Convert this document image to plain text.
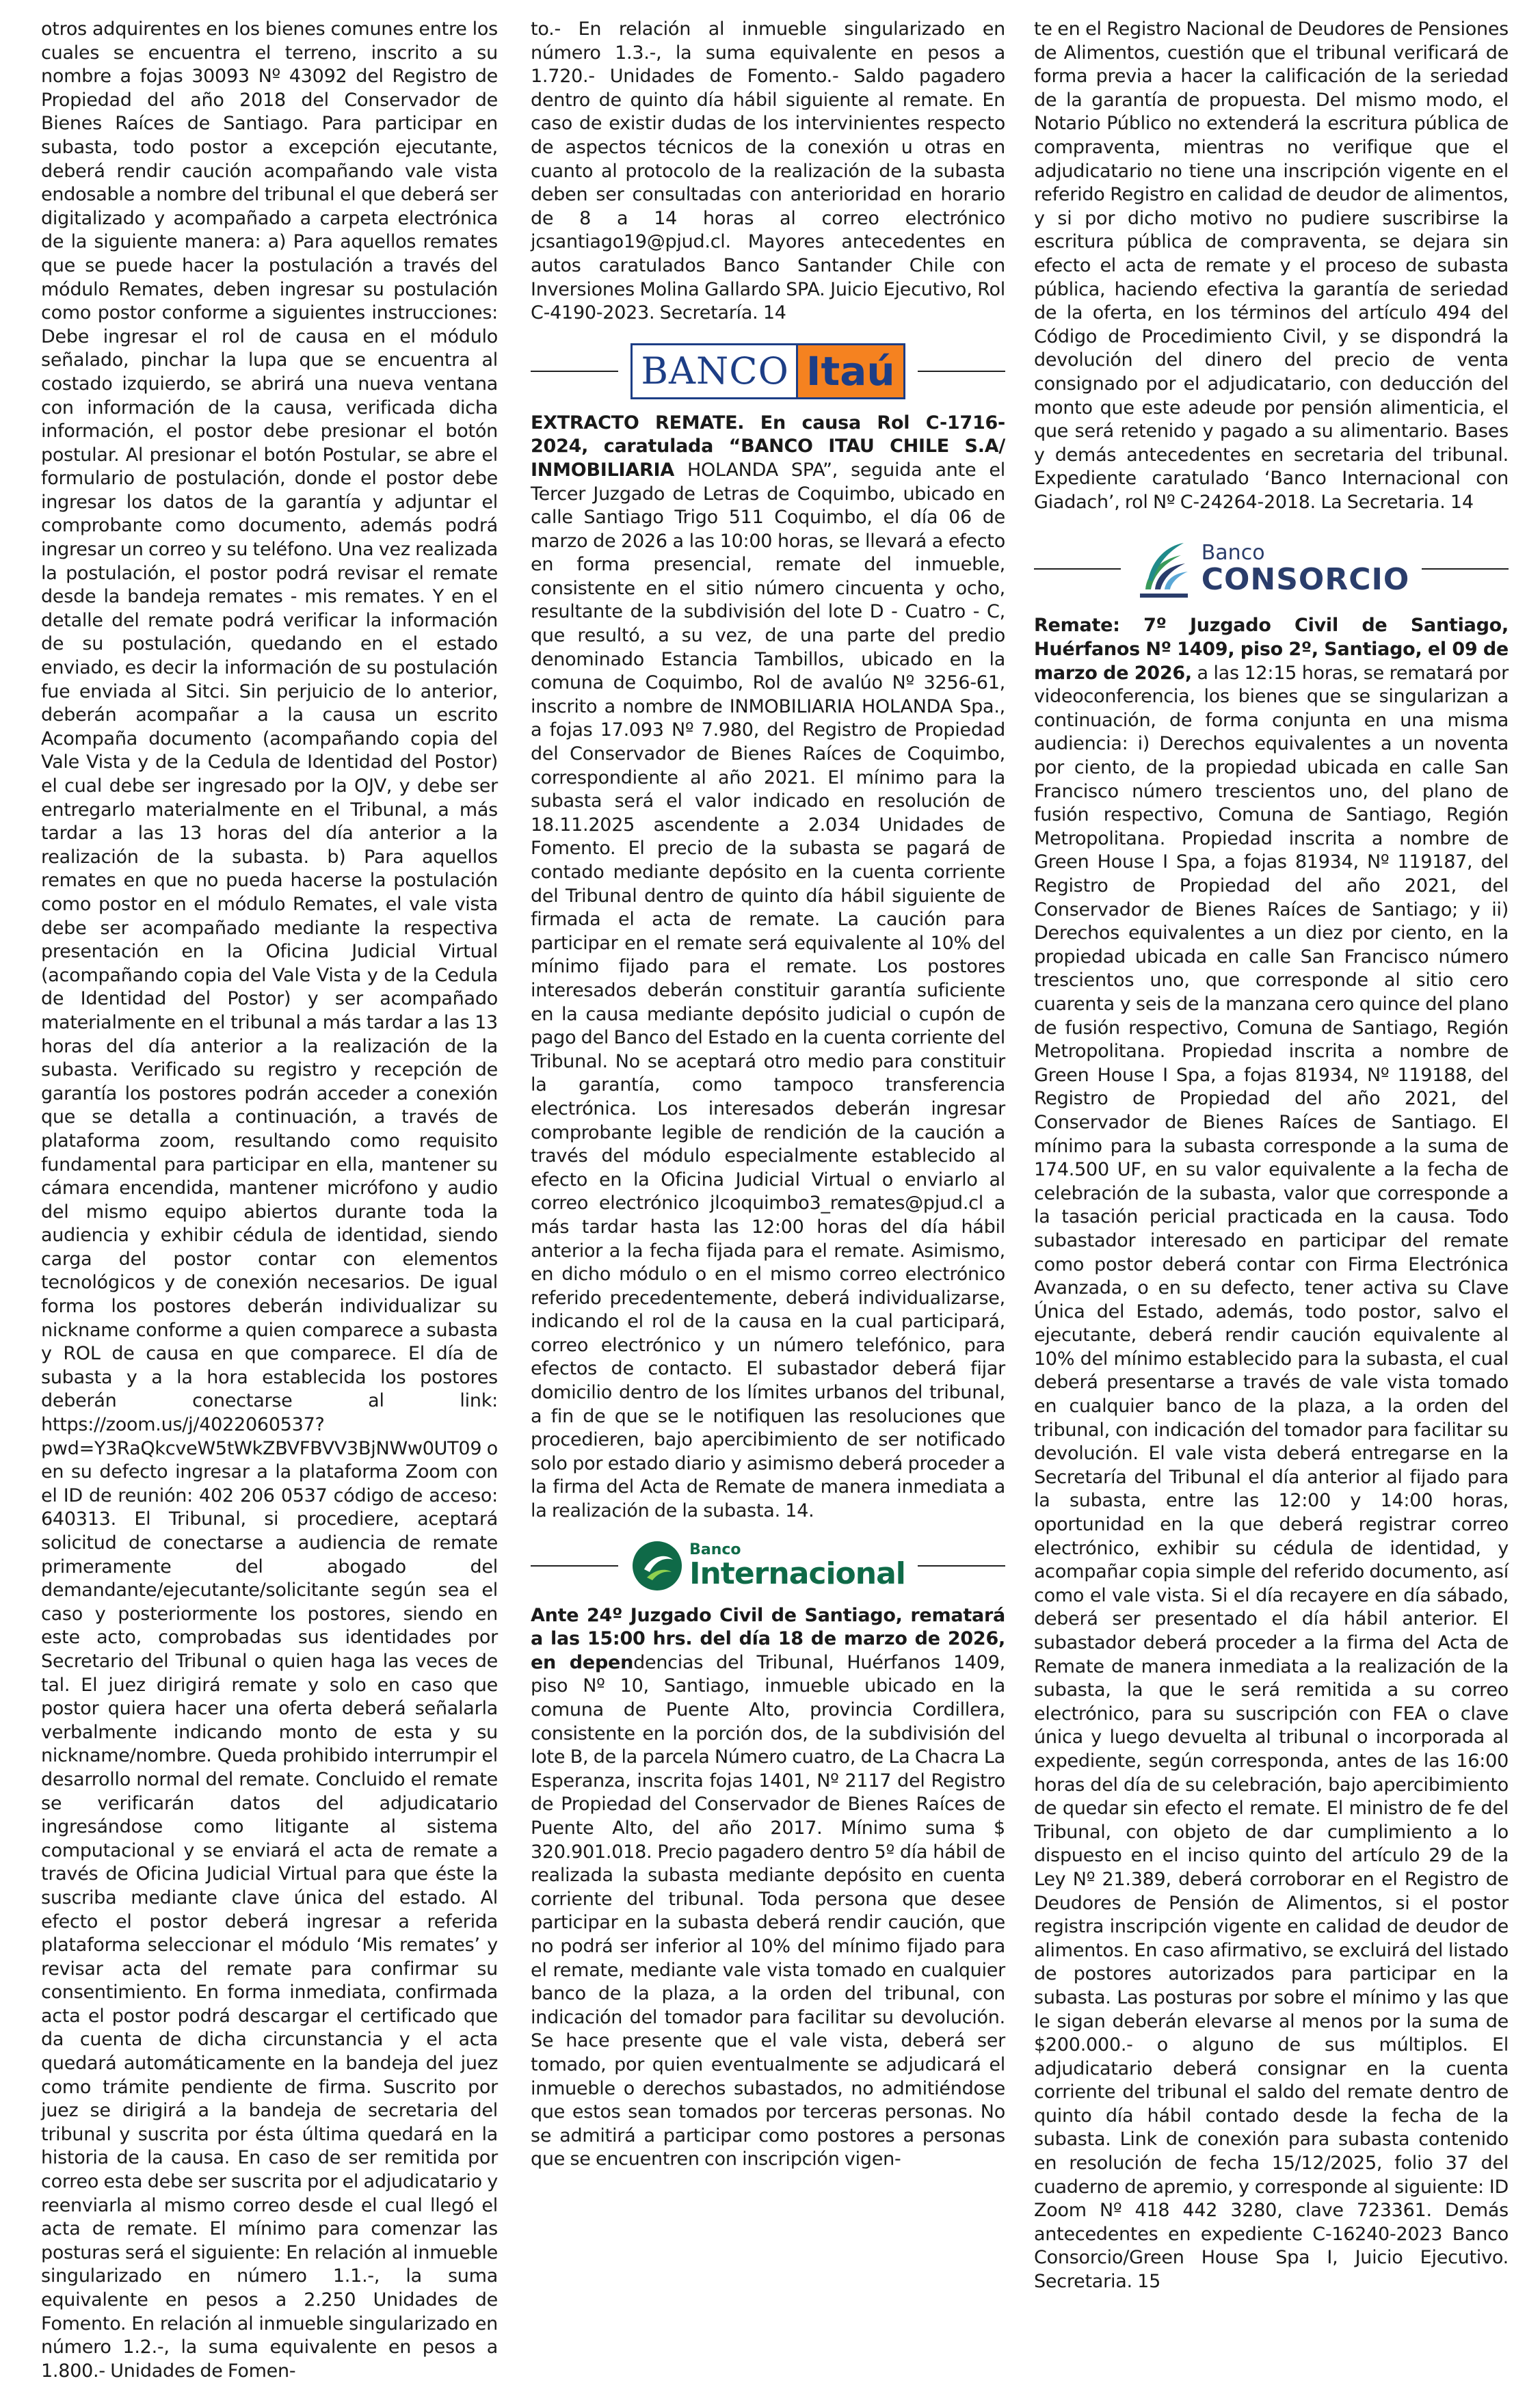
otros adquirentes en los bienes comunes entre los cuales se encuentra el terreno, inscrito a su nombre a fojas 30093 Nº 43092 del Registro de Propiedad del año 2018 del Conservador de Bienes Raíces de Santiago. Para participar en subasta, todo postor a excepción ejecutante, deberá rendir caución acompañando vale vista endosable a nombre del tribunal el que deberá ser digitalizado y acompañado a carpeta electrónica de la siguiente manera: a) Para aquellos remates que se puede hacer la postulación a través del módulo Remates, deben ingresar su postulación como postor conforme a siguientes instrucciones: Debe ingresar el rol de causa en el módulo señalado, pinchar la lupa que se encuentra al costado izquierdo, se abrirá una nueva ventana con información de la causa, verificada dicha información, el postor debe presionar el botón postular. Al presionar el botón Postular, se abre el formulario de postulación, donde el postor debe ingresar los datos de la garantía y adjuntar el comprobante como documento, además podrá ingresar un correo y su teléfono. Una vez realizada la postulación, el postor podrá revisar el remate desde la bandeja remates - mis remates. Y en el detalle del remate podrá verificar la información de su postulación, quedando en el estado enviado, es decir la información de su postulación fue enviada al Sitci. Sin perjuicio de lo anterior, deberán acompañar a la causa un escrito Acompaña documento (acompañando copia del Vale Vista y de la Cedula de Identidad del Postor) el cual debe ser ingresado por la OJV, y debe ser entregarlo materialmente en el Tribunal, a más tardar a las 13 horas del día anterior a la realización de la subasta. b) Para aquellos remates en que no pueda hacerse la postulación como postor en el módulo Remates, el vale vista debe ser acompañado mediante la respectiva presentación en la Oficina Judicial Virtual (acompañando copia del Vale Vista y de la Cedula de Identidad del Postor) y ser acompañado materialmente en el tribunal a más tardar a las 13 horas del día anterior a la realización de la subasta. Verificado su registro y recepción de garantía los postores podrán acceder a conexión que se detalla a continuación, a través de plataforma zoom, resultando como requisito fundamental para participar en ella, mantener su cámara encendida, mantener micrófono y audio del mismo equipo abiertos durante toda la audiencia y exhibir cédula de identidad, siendo carga del postor contar con elementos tecnológicos y de conexión necesarios. De igual forma los postores deberán individualizar su nickname conforme a quien comparece a subasta y ROL de causa en que comparece. El día de subasta y a la hora establecida los postores deberán conectarse al link: https://zoom.us/j/4022060537?pwd=Y3RaQkcveW5tWkZBVFBVV3BjNWw0UT09 o en su defecto ingresar a la plataforma Zoom con el ID de reunión: 402 206 0537 código de acceso: 640313. El Tribunal, si procediere, aceptará solicitud de conectarse a audiencia de remate primeramente del abogado del demandante/ejecutante/solicitante según sea el caso y posteriormente los postores, siendo en este acto, comprobadas sus identidades por Secretario del Tribunal o quien haga las veces de tal. El juez dirigirá remate y solo en caso que postor quiera hacer una oferta deberá señalarla verbalmente indicando monto de esta y su nickname/nombre. Queda prohibido interrumpir el desarrollo normal del remate. Concluido el remate se verificarán datos del adjudicatario ingresándose como litigante al sistema computacional y se enviará el acta de remate a través de Oficina Judicial Virtual para que éste la suscriba mediante clave única del estado. Al efecto el postor deberá ingresar a referida plataforma seleccionar el módulo ‘Mis remates’ y revisar acta del remate para confirmar su consentimiento. En forma inmediata, confirmada acta el postor podrá descargar el certificado que da cuenta de dicha circunstancia y el acta quedará automáticamente en la bandeja del juez como trámite pendiente de firma. Suscrito por juez se dirigirá a la bandeja de secretaria del tribunal y suscrita por ésta última quedará en la historia de la causa. En caso de ser remitida por correo esta debe ser suscrita por el adjudicatario y reenviarla al mismo correo desde el cual llegó el acta de remate. El mínimo para comenzar las posturas será el siguiente: En relación al inmueble singularizado en número 1.1.-, la suma equivalente en pesos a 2.250 Unidades de Fomento. En relación al inmueble singularizado en número 1.2.-, la suma equivalente en pesos a 1.800.- Unidades de Fomen-

to.- En relación al inmueble singularizado en número 1.3.-, la suma equivalente en pesos a 1.720.- Unidades de Fomento.- Saldo pagadero dentro de quinto día hábil siguiente al remate. En caso de existir dudas de los intervinientes respecto de aspectos técnicos de la conexión u otras en cuanto al protocolo de la realización de la subasta deben ser consultadas con anterioridad en horario de 8 a 14 horas al correo electrónico jcsantiago19@pjud.cl. Mayores antecedentes en autos caratulados Banco Santander Chile con Inversiones Molina Gallardo SPA. Juicio Ejecutivo, Rol C-4190-2023. Secretaría. 14

BANCO Itaú

EXTRACTO REMATE. En causa Rol C-1716-2024, caratulada “BANCO ITAU CHILE S.A/ INMOBILIARIA HOLANDA SPA”, seguida ante el Tercer Juzgado de Letras de Coquimbo, ubicado en calle Santiago Trigo 511 Coquimbo, el día 06 de marzo de 2026 a las 10:00 horas, se llevará a efecto en forma presencial, remate del inmueble, consistente en el sitio número cincuenta y ocho, resultante de la subdivisión del lote D - Cuatro - C, que resultó, a su vez, de una parte del predio denominado Estancia Tambillos, ubicado en la comuna de Coquimbo, Rol de avalúo Nº 3256-61, inscrito a nombre de INMOBILIARIA HOLANDA Spa., a fojas 17.093 Nº 7.980, del Registro de Propiedad del Conservador de Bienes Raíces de Coquimbo, correspondiente al año 2021. El mínimo para la subasta será el valor indicado en resolución de 18.11.2025 ascendente a 2.034 Unidades de Fomento. El precio de la subasta se pagará de contado mediante depósito en la cuenta corriente del Tribunal dentro de quinto día hábil siguiente de firmada el acta de remate. La caución para participar en el remate será equivalente al 10% del mínimo fijado para el remate. Los postores interesados deberán constituir garantía suficiente en la causa mediante depósito judicial o cupón de pago del Banco del Estado en la cuenta corriente del Tribunal. No se aceptará otro medio para constituir la garantía, como tampoco transferencia electrónica. Los interesados deberán ingresar comprobante legible de rendición de la caución a través del módulo especialmente establecido al efecto en la Oficina Judicial Virtual o enviarlo al correo electrónico jlcoquimbo3_remates@pjud.cl a más tardar hasta las 12:00 horas del día hábil anterior a la fecha fijada para el remate. Asimismo, en dicho módulo o en el mismo correo electrónico referido precedentemente, deberá individualizarse, indicando el rol de la causa en la cual participará, correo electrónico y un número telefónico, para efectos de contacto. El subastador deberá fijar domicilio dentro de los límites urbanos del tribunal, a fin de que se le notifiquen las resoluciones que procedieren, bajo apercibimiento de ser notificado solo por estado diario y asimismo deberá proceder a la firma del Acta de Remate de manera inmediata a la realización de la subasta. 14.

Banco
Internacional

Ante 24º Juzgado Civil de Santiago, rematará a las 15:00 hrs. del día 18 de marzo de 2026, en dependencias del Tribunal, Huérfanos 1409, piso Nº 10, Santiago, inmueble ubicado en la comuna de Puente Alto, provincia Cordillera, consistente en la porción dos, de la subdivisión del lote B, de la parcela Número cuatro, de La Chacra La Esperanza, inscrita fojas 1401, Nº 2117 del Registro de Propiedad del Conservador de Bienes Raíces de Puente Alto, del año 2017. Mínimo suma $ 320.901.018. Precio pagadero dentro 5º día hábil de realizada la subasta mediante depósito en cuenta corriente del tribunal. Toda persona que desee participar en la subasta deberá rendir caución, que no podrá ser inferior al 10% del mínimo fijado para el remate, mediante vale vista tomado en cualquier banco de la plaza, a la orden del tribunal, con indicación del tomador para facilitar su devolución. Se hace presente que el vale vista, deberá ser tomado, por quien eventualmente se adjudicará el inmueble o derechos subastados, no admitiéndose que estos sean tomados por terceras personas. No se admitirá a participar como postores a personas que se encuentren con inscripción vigen-

te en el Registro Nacional de Deudores de Pensiones de Alimentos, cuestión que el tribunal verificará de forma previa a hacer la calificación de la seriedad de la garantía de propuesta. Del mismo modo, el Notario Público no extenderá la escritura pública de compraventa, mientras no verifique que el adjudicatario no tiene una inscripción vigente en el referido Registro en calidad de deudor de alimentos, y si por dicho motivo no pudiere suscribirse la escritura pública de compraventa, se dejara sin efecto el acta de remate y el proceso de subasta pública, haciendo efectiva la garantía de seriedad de la oferta, en los términos del artículo 494 del Código de Procedimiento Civil, y se dispondrá la devolución del dinero del precio de venta consignado por el adjudicatario, con deducción del monto que este adeude por pensión alimenticia, el que será retenido y pagado a su alimentario. Bases y demás antecedentes en secretaria del tribunal. Expediente caratulado ‘Banco Internacional con Giadach’, rol Nº C-24264-2018. La Secretaria. 14

Banco
CONSORCIO

Remate: 7º Juzgado Civil de Santiago, Huérfanos Nº 1409, piso 2º, Santiago, el 09 de marzo de 2026, a las 12:15 horas, se rematará por videoconferencia, los bienes que se singularizan a continuación, de forma conjunta en una misma audiencia: i) Derechos equivalentes a un noventa por ciento, de la propiedad ubicada en calle San Francisco número trescientos uno, del plano de fusión respectivo, Comuna de Santiago, Región Metropolitana. Propiedad inscrita a nombre de Green House I Spa, a fojas 81934, Nº 119187, del Registro de Propiedad del año 2021, del Conservador de Bienes Raíces de Santiago; y ii) Derechos equivalentes a un diez por ciento, en la propiedad ubicada en calle San Francisco número trescientos uno, que corresponde al sitio cero cuarenta y seis de la manzana cero quince del plano de fusión respectivo, Comuna de Santiago, Región Metropolitana. Propiedad inscrita a nombre de Green House I Spa, a fojas 81934, Nº 119188, del Registro de Propiedad del año 2021, del Conservador de Bienes Raíces de Santiago. El mínimo para la subasta corresponde a la suma de 174.500 UF, en su valor equivalente a la fecha de celebración de la subasta, valor que corresponde a la tasación pericial practicada en la causa. Todo subastador interesado en participar del remate como postor deberá contar con Firma Electrónica Avanzada, o en su defecto, tener activa su Clave Única del Estado, además, todo postor, salvo el ejecutante, deberá rendir caución equivalente al 10% del mínimo establecido para la subasta, el cual deberá presentarse a través de vale vista tomado en cualquier banco de la plaza, a la orden del tribunal, con indicación del tomador para facilitar su devolución. El vale vista deberá entregarse en la Secretaría del Tribunal el día anterior al fijado para la subasta, entre las 12:00 y 14:00 horas, oportunidad en la que deberá registrar correo electrónico, exhibir su cédula de identidad, y acompañar copia simple del referido documento, así como el vale vista. Si el día recayere en día sábado, deberá ser presentado el día hábil anterior. El subastador deberá proceder a la firma del Acta de Remate de manera inmediata a la realización de la subasta, la que le será remitida a su correo electrónico, para su suscripción con FEA o clave única y luego devuelta al tribunal o incorporada al expediente, según corresponda, antes de las 16:00 horas del día de su celebración, bajo apercibimiento de quedar sin efecto el remate. El ministro de fe del Tribunal, con objeto de dar cumplimiento a lo dispuesto en el inciso quinto del artículo 29 de la Ley Nº 21.389, deberá corroborar en el Registro de Deudores de Pensión de Alimentos, si el postor registra inscripción vigente en calidad de deudor de alimentos. En caso afirmativo, se excluirá del listado de postores autorizados para participar en la subasta. Las posturas por sobre el mínimo y las que le sigan deberán elevarse al menos por la suma de $200.000.- o alguno de sus múltiplos. El adjudicatario deberá consignar en la cuenta corriente del tribunal el saldo del remate dentro de quinto día hábil contado desde la fecha de la subasta. Link de conexión para subasta contenido en resolución de fecha 15/12/2025, folio 37 del cuaderno de apremio, y corresponde al siguiente: ID Zoom Nº 418 442 3280, clave 723361. Demás antecedentes en expediente C-16240-2023 Banco Consorcio/Green House Spa I, Juicio Ejecutivo. Secretaria. 15
